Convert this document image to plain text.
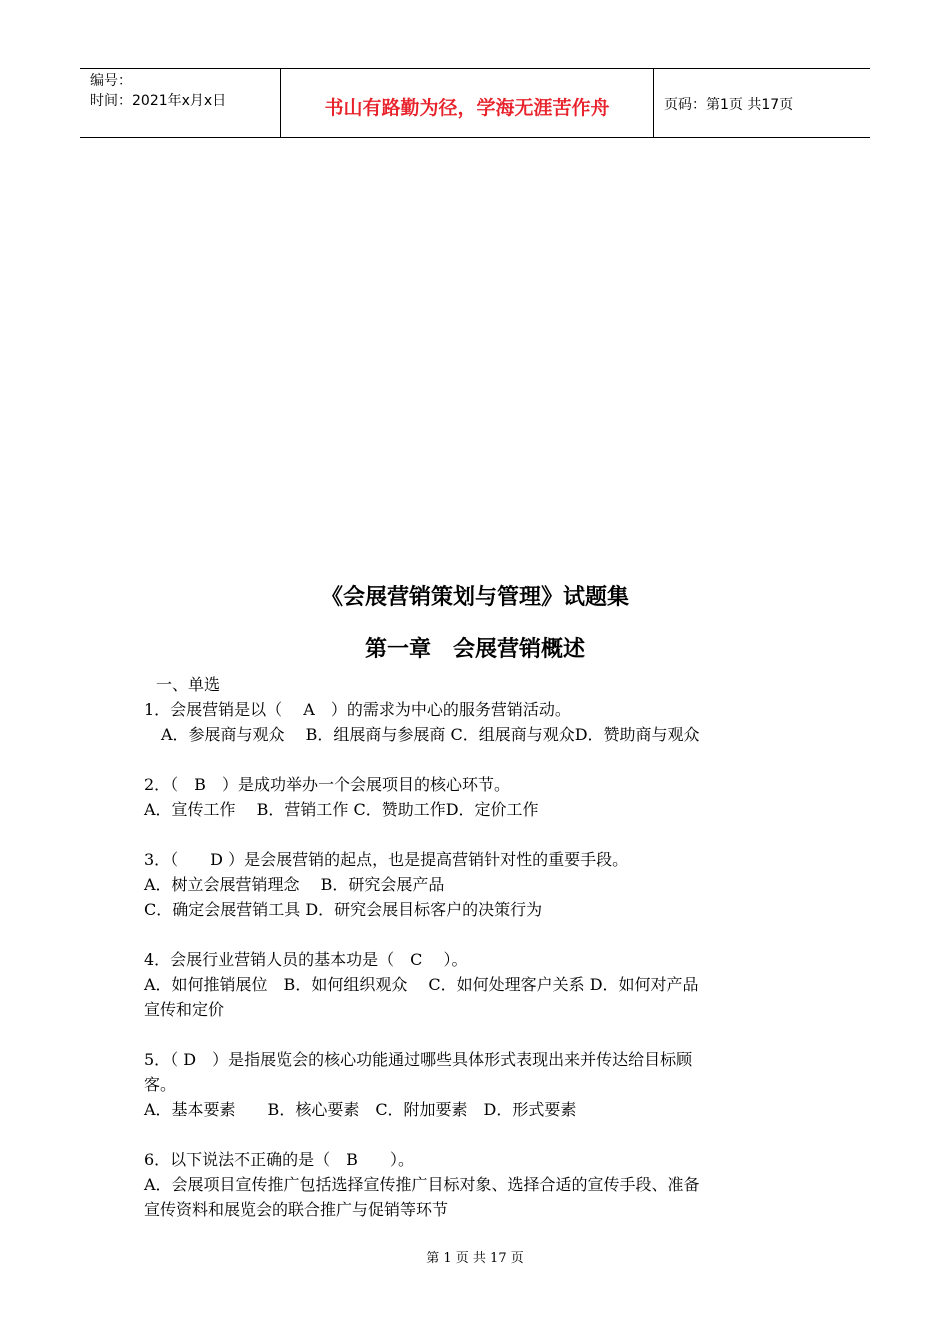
编号：
时间：2021年x月x日	书山有路勤为径，学海无涯苦作舟	页码：第1页 共17页
《会展营销策划与管理》试题集
第一章　会展营销概述
一、单选
1．会展营销是以（　 A　）的需求为中心的服务营销活动。
A．参展商与观众　 B．组展商与参展商 C．组展商与观众D．赞助商与观众
2．（　B　）是成功举办一个会展项目的核心环节。
A．宣传工作　 B．营销工作 C．赞助工作D．定价工作
3．（　　D ）是会展营销的起点，也是提高营销针对性的重要手段。
A．树立会展营销理念　 B．研究会展产品
C．确定会展营销工具 D．研究会展目标客户的决策行为
4．会展行业营销人员的基本功是（　C　 ）。
A．如何推销展位　B．如何组织观众　 C．如何处理客户关系 D．如何对产品
宣传和定价
5．（ D　）是指展览会的核心功能通过哪些具体形式表现出来并传达给目标顾
客。
A．基本要素　　B．核心要素　C．附加要素　D．形式要素
6．以下说法不正确的是（　B　　）。
A．会展项目宣传推广包括选择宣传推广目标对象、选择合适的宣传手段、准备
宣传资料和展览会的联合推广与促销等环节
第 1 页 共 17 页
